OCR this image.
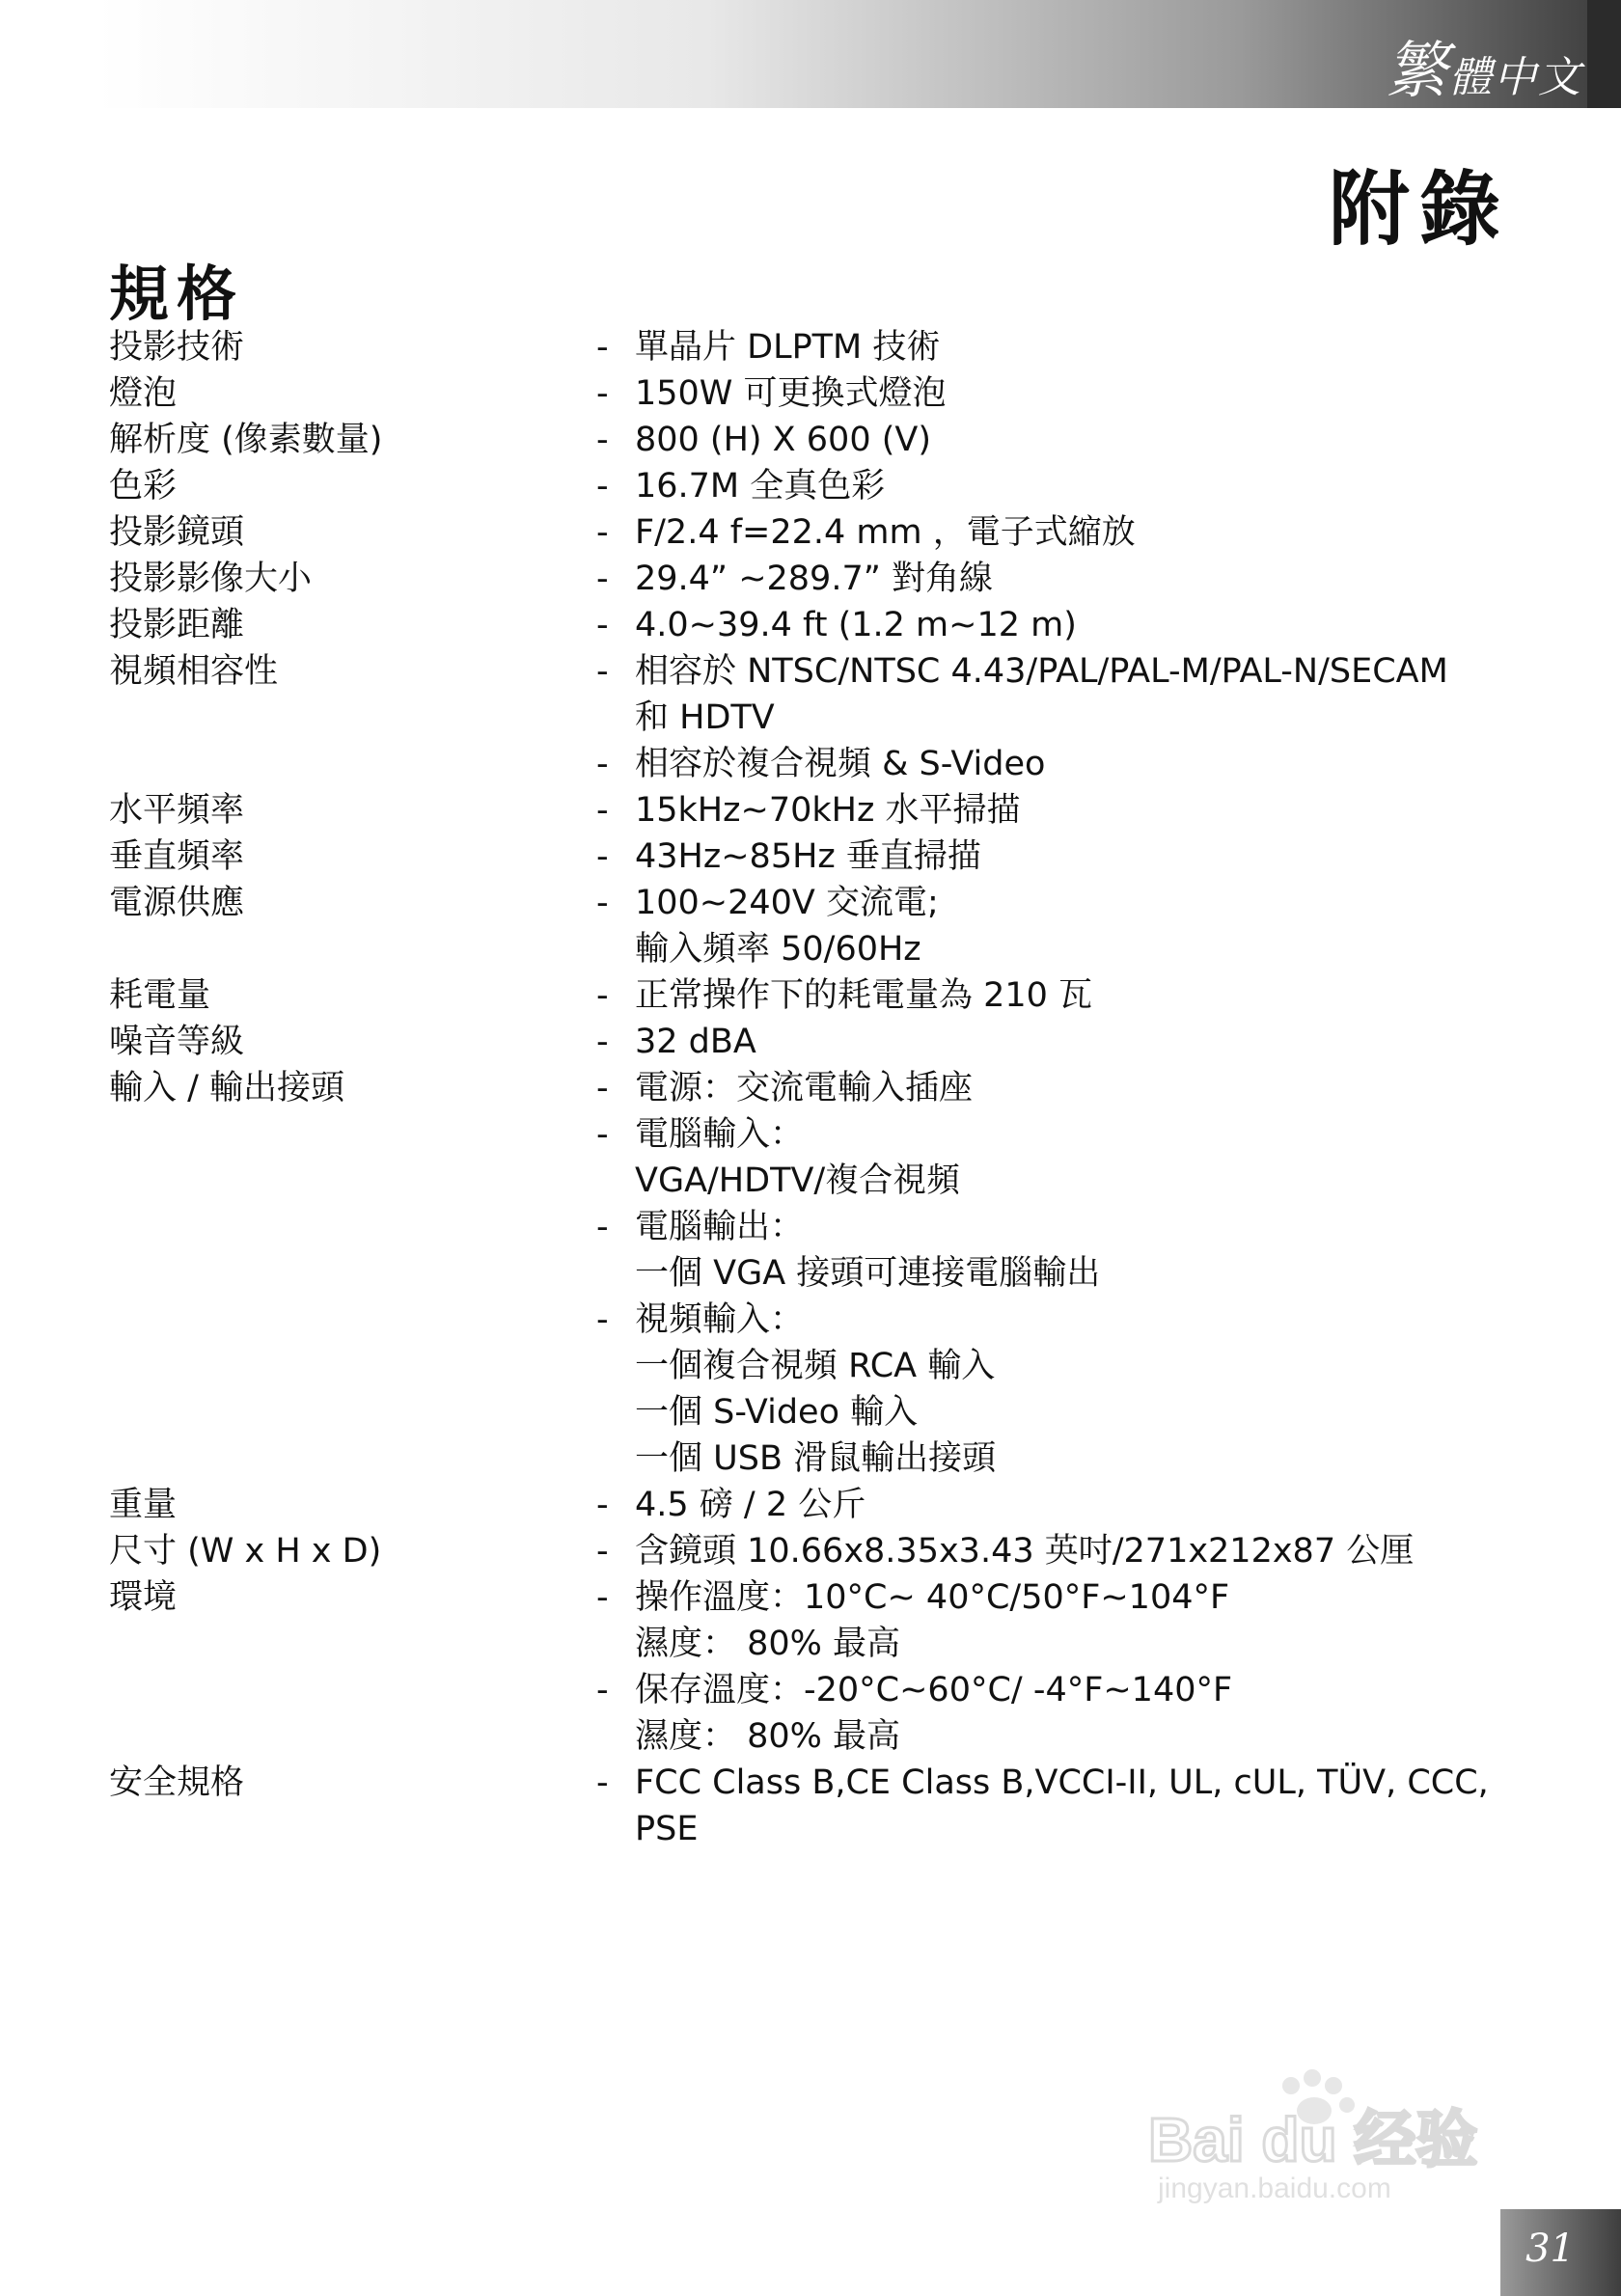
繁體中文
附錄
規格
投影技術	- 單晶片 DLPTM 技術
燈泡	- 150W 可更換式燈泡
解析度 (像素數量)	- 800 (H) X 600 (V)
色彩	- 16.7M 全真色彩
投影鏡頭	- F/2.4 f=22.4 mm ，電子式縮放
投影影像大小	- 29.4” ~289.7” 對角線
投影距離	- 4.0~39.4 ft (1.2 m~12 m)
視頻相容性	- 相容於 NTSC/NTSC 4.43/PAL/PAL-M/PAL-N/SECAM
和 HDTV
- 相容於複合視頻 & S-Video
水平頻率	- 15kHz~70kHz 水平掃描
垂直頻率	- 43Hz~85Hz 垂直掃描
電源供應	- 100~240V 交流電;
輸入頻率 50/60Hz
耗電量	- 正常操作下的耗電量為 210 瓦
噪音等級	- 32 dBA
輸入 / 輸出接頭	- 電源：交流電輸入插座
- 電腦輸入：
VGA/HDTV/複合視頻
- 電腦輸出：
一個 VGA 接頭可連接電腦輸出
- 視頻輸入：
一個複合視頻 RCA 輸入
一個 S-Video 輸入
一個 USB 滑鼠輸出接頭
重量	- 4.5 磅 / 2 公斤
尺寸 (W x H x D)	- 含鏡頭 10.66x8.35x3.43 英吋/271x212x87 公厘
環境	- 操作溫度：10°C~ 40°C/50°F~104°F
濕度： 80% 最高
- 保存溫度：-20°C~60°C/ -4°F~140°F
濕度： 80% 最高
安全規格	- FCC Class B,CE Class B,VCCI-II, UL, cUL, TÜV, CCC,
PSE
Bai du 经验
jingyan.baidu.com
31
